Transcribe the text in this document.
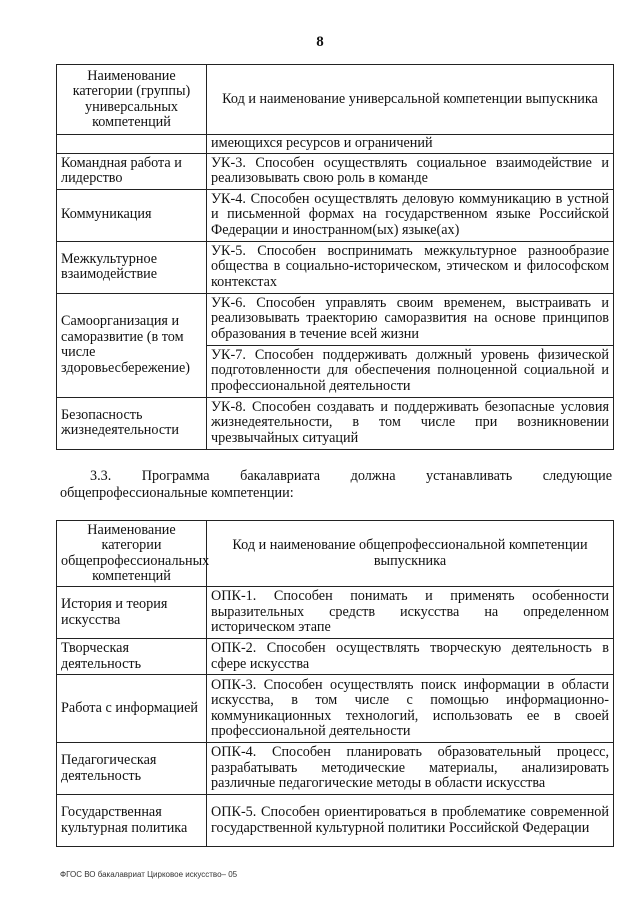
8
Наименование категории (группы) универсальных компетенций	Код и наименование универсальной компетенции выпускника
	имеющихся ресурсов и ограничений
Командная работа и лидерство	УК-3. Способен осуществлять социальное взаимодействие и реализовывать свою роль в команде
Коммуникация	УК-4. Способен осуществлять деловую коммуникацию в устной и письменной формах на государственном языке Российской Федерации и иностранном(ых) языке(ах)
Межкультурное взаимодействие	УК-5. Способен воспринимать межкультурное разнообразие общества в социально-историческом, этическом и философском контекстах
Самоорганизация и саморазвитие (в том числе здоровьесбережение)	УК-6. Способен управлять своим временем, выстраивать и реализовывать траекторию саморазвития на основе принципов образования в течение всей жизни
	УК-7. Способен поддерживать должный уровень физической подготовленности для обеспечения полноценной социальной и профессиональной деятельности
Безопасность жизнедеятельности	УК-8. Способен создавать и поддерживать безопасные условия жизнедеятельности, в том числе при возникновении чрезвычайных ситуаций
3.3. Программа бакалавриата должна устанавливать следующие
общепрофессиональные компетенции:
Наименование категории общепрофессиональных компетенций	Код и наименование общепрофессиональной компетенции выпускника
История и теория искусства	ОПК-1. Способен понимать и применять особенности выразительных средств искусства на определенном историческом этапе
Творческая деятельность	ОПК-2. Способен осуществлять творческую деятельность в сфере искусства
Работа с информацией	ОПК-3. Способен осуществлять поиск информации в области искусства, в том числе с помощью информационно-коммуникационных технологий, использовать ее в своей профессиональной деятельности
Педагогическая деятельность	ОПК-4. Способен планировать образовательный процесс, разрабатывать методические материалы, анализировать различные педагогические методы в области искусства
Государственная культурная политика	ОПК-5. Способен ориентироваться в проблематике современной государственной культурной политики Российской Федерации
ФГОС ВО бакалавриат Цирковое искусство– 05
